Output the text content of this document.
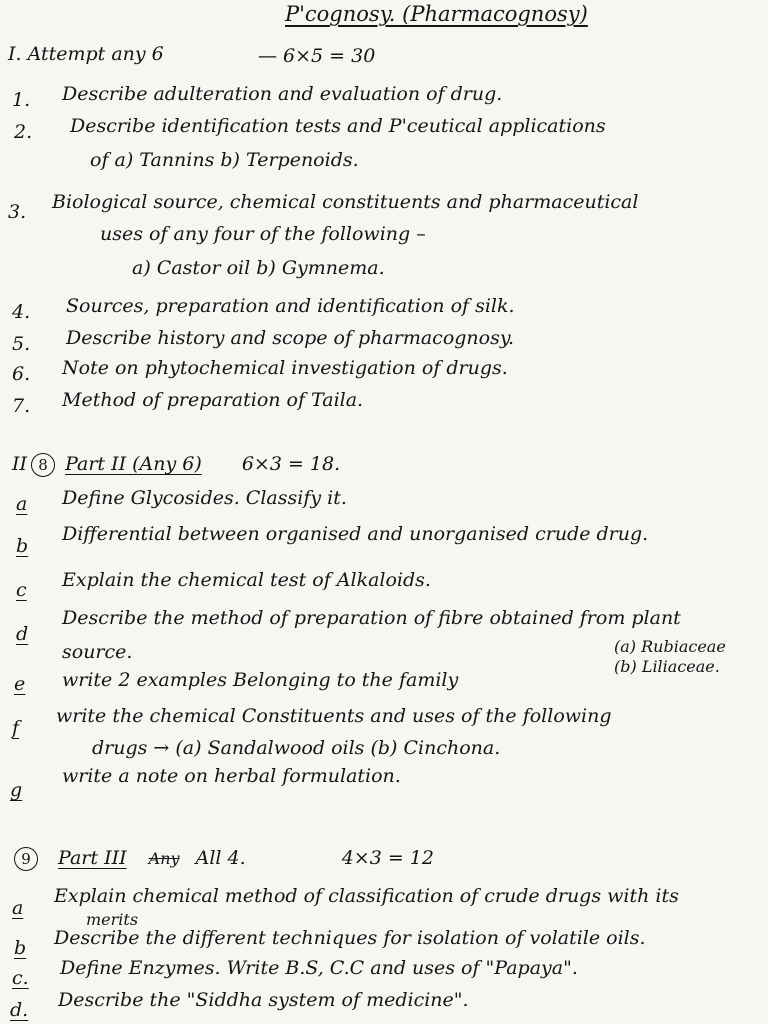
P'cognosy. (Pharmacognosy)
I. Attempt any 6	— 6×5 = 30
1. Describe adulteration and evaluation of drug.
2. Describe identification tests and P'ceutical applications
of a) Tannins b) Terpenoids.
3. Biological source, chemical constituents and pharmaceutical
uses of any four of the following –
a) Castor oil b) Gymnema.
4. Sources, preparation and identification of silk.
5. Describe history and scope of pharmacognosy.
6. Note on phytochemical investigation of drugs.
7. Method of preparation of Taila.
II 8 Part II (Any 6) 6×3 = 18.
a Define Glycosides. Classify it.
b
Differential between organised and unorganised crude drug.
c Explain the chemical test of Alkaloids.
d
Describe the method of preparation of fibre obtained from plant
source.
e write 2 examples Belonging to the family
(a) Rubiaceae
(b) Liliaceae.
f
write the chemical Constituents and uses of the following
drugs → (a) Sandalwood oils (b) Cinchona.
g
write a note on herbal formulation.
9 Part III Any All 4.	4×3 = 12
a
Explain chemical method of classification of crude drugs with its
merits
b Describe the different techniques for isolation of volatile oils.
c. Define Enzymes. Write B.S, C.C and uses of "Papaya".
d. Describe the "Siddha system of medicine".
